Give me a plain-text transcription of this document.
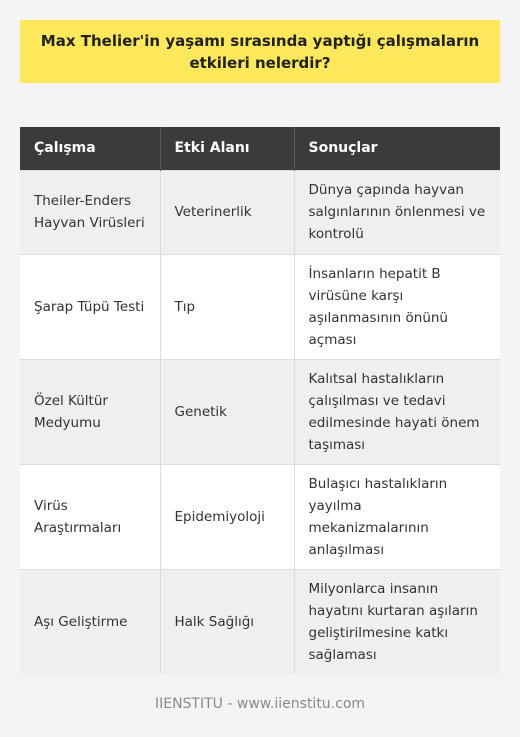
Max Thelier'in yaşamı sırasında yaptığı çalışmaların etkileri nelerdir?
Çalışma	Etki Alanı	Sonuçlar
Theiler-Enders Hayvan Virüsleri	Veterinerlik	Dünya çapında hayvan salgınlarının önlenmesi ve kontrolü
Şarap Tüpü Testi	Tıp	İnsanların hepatit B virüsüne karşı aşılanmasının önünü açması
Özel Kültür Medyumu	Genetik	Kalıtsal hastalıkların çalışılması ve tedavi edilmesinde hayati önem taşıması
Virüs Araştırmaları	Epidemiyoloji	Bulaşıcı hastalıkların yayılma mekanizmalarının anlaşılması
Aşı Geliştirme	Halk Sağlığı	Milyonlarca insanın hayatını kurtaran aşıların geliştirilmesine katkı sağlaması
IIENSTITU - www.iienstitu.com
